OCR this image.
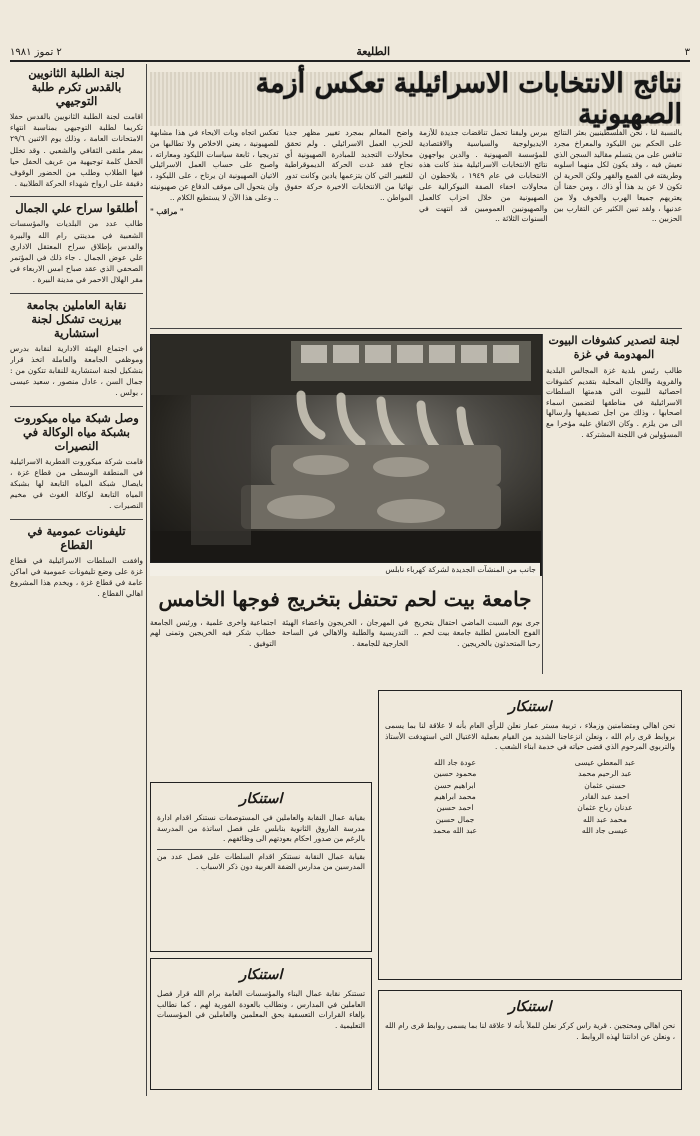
٣
الطليعة
٢ تموز ١٩٨١
نتائج الانتخابات الاسرائيلية تعكس أزمة الصهيونية

بالنسبة لنا ، نحن الفلسطينيين بعثر النتائج على الحكم بين الليكود والمعراخ مجرد تنافس على من يتسلم مقاليد السجن الذي نعيش فيه ، وقد يكون لكل منهما اسلوبه وطريقته في القمع والقهر ولكن الحرية لن تكون لا عن يد هذا أو ذاك ، ومن حقنا أن يعتريهم جميعا الهرب والخوف ولا من عدنيها ، ولقد تبين الكثير عن التقارب بين الحزبين ..

بيرس ولبقنا تحمل تناقضات جديدة للأزمة الايديولوجية والسياسية والاقتصادية للمؤسسة الصهيونية . والدين يواجهون نتائج الانتخابات الاسرائيلية منذ كانت هذه الانتخابات في عام ١٩٤٩ ، يلاحظون ان محاولات اخفاء الصفة النيوكرالية على الصهيونية من خلال احزاب كالعمل والصهيونيين العموميين قد انتهت في السنوات الثلاثة ..

واضح المعالم بمجرد تغيير مظهر جديا للحزب العمل الاسرائيلي . ولم تحقق محاولات التجديد للمبادرة الصهيونية أي نجاح فقد غدت الحركة الديموقراطية للتغيير التي كان يتزعمها يادين وكانت تدور نهائيا من الانتخابات الاخيرة حركة حقوق المواطن ..

تعكس اتجاه وبات الايحاء في هذا مشابهة للصهيونية ، يعني الاخلاص ولا تطالبها من تدريجيا ، ثابعة سياسات الليكود ومعاراته ، واصبح على حساب العمل الاسرائيلي الاتيان الصهيونية ان يرتاح ، على الليكود ، وان يتحول الى موقف الدفاع عن صهيونيته .. وعلى هذا الآن لا يستطيع الكلام ..

" مراقب "
جانب من المنشآت الجديدة لشركة كهرباء نابلس
لجنة لتصدير كشوفات البيوت المهدومة في غزة

طالب رئيس بلدية غزة المجالس البلدية والقروية واللجان المحلية بتقديم كشوفات احصائية للبيوت التي هدمتها السلطات الاسرائيلية في مناطقها لتضمين اسماء اصحابها ، وذلك من اجل تصديقها وارسالها الى من يلزم . وكان الاتفاق عليه مؤخرا مع المسؤولين في اللجنة المشتركة .

جامعة بيت لحم تحتفل بتخريج فوجها الخامس
جرى يوم السبت الماضي احتفال بتخريج الفوج الخامس لطلبة جامعة بيت لحم .. رحبا المتحدثون بالخريجين .
في المهرجان ، الخريجون واعضاء الهيئة التدريسية والطلبة والاهالي في الساحة الخارجية للجامعة .
اجتماعية واخرى علمية ، ورئيس الجامعة خطاب شكر فيه الخريجين وتمنى لهم التوفيق .
استنكار

نحن اهالي ومتضامنين وزملاء ، تربية مستر عمار نعلن للرأي العام بأنه لا علاقة لنا بما يسمى بروابط قرى رام الله ، ونعلن انزعاجنا الشديد من القيام بعملية الاغتيال التي استهدفت الأستاذ والتربوي المرحوم الذي قضى حياته في خدمة ابناء الشعب .

عبد المعطي عيسى
عودة جاد الله
عبد الرحيم محمد
محمود حسين
حسني عثمان
ابراهيم حسن
احمد عبد القادر
محمد ابراهيم
عدنان رباح عثمان
احمد حسين
محمد عبد الله
جمال حسين
عيسى جاد الله
عبد الله محمد
استنكار

نحن اهالي ومحتجين . قرية راس كركر نعلن للملأ بأنه لا علاقة لنا بما يسمى روابط قرى رام الله ، ونعلن عن ادانتنا لهذه الروابط .

استنكار

بقيابة عمال النقابة والعاملين في المستوصفات نستنكر اقدام ادارة مدرسة الفاروق الثانوية بنابلس على فصل اساتذة من المدرسة بالرغم من صدور احكام بعودتهم الى وظائفهم .

بقيابة عمال النقابة نستنكر اقدام السلطات على فصل عدد من المدرسين من مدارس الضفة الغربية دون ذكر الاسباب .

استنكار

تستنكر نقابة عمال البناء والمؤسسات العامة برام الله قرار فصل العاملين في المدارس ، ونطالب بالعودة الفورية لهم ، كما نطالب بإلغاء القرارات التعسفية بحق المعلمين والعاملين في المؤسسات التعليمية .

لجنة الطلبة الثانويين بالقدس تكرم طلبة التوجيهي

اقامت لجنة الطلبة الثانويين بالقدس حفلا تكريما لطلبة التوجيهي بمناسبة انتهاء الامتحانات العامة ، وذلك يوم الاثنين ٢٩/٦ بمقر ملتقى الثقافي والشعبي . وقد تخلل الحفل كلمة توجيهية من عريف الحفل حيا فيها الطلاب وطلب من الحضور الوقوف دقيقة على ارواح شهداء الحركة الطلابية .

أطلقوا سراح علي الجمال

طالب عدد من البلديات والمؤسسات الشعبية في مدينتي رام الله والبيرة والقدس بإطلاق سراح المعتقل الاداري علي عوض الجمال . جاء ذلك في المؤتمر الصحفي الذي عقد صباح امس الاربعاء في مقر الهلال الاحمر في مدينة البيرة .

نقابة العاملين بجامعة بيرزيت تشكل لجنة استشارية

في اجتماع الهيئة الادارية لنقابة بدرس وموظفي الجامعة والعاملة اتخذ قرار بتشكيل لجنة استشارية للنقابة تتكون من : جمال السن ، عادل منصور ، سعيد عيسى ، بولس .

وصل شبكة مياه ميكوروت بشبكة مياه الوكالة في النصيرات

قامت شركة ميكوروت القطرية الاسرائيلية في المنطقة الوسطى من قطاع غزة ، بايصال شبكة المياه التابعة لها بشبكة المياه التابعة لوكالة الغوث في مخيم النصيرات .

تليفونات عمومية في القطاع

وافقت السلطات الاسرائيلية في قطاع غزة على وضع تليفونات عمومية في اماكن عامة في قطاع غزة ، ويخدم هذا المشروع اهالي القطاع .
